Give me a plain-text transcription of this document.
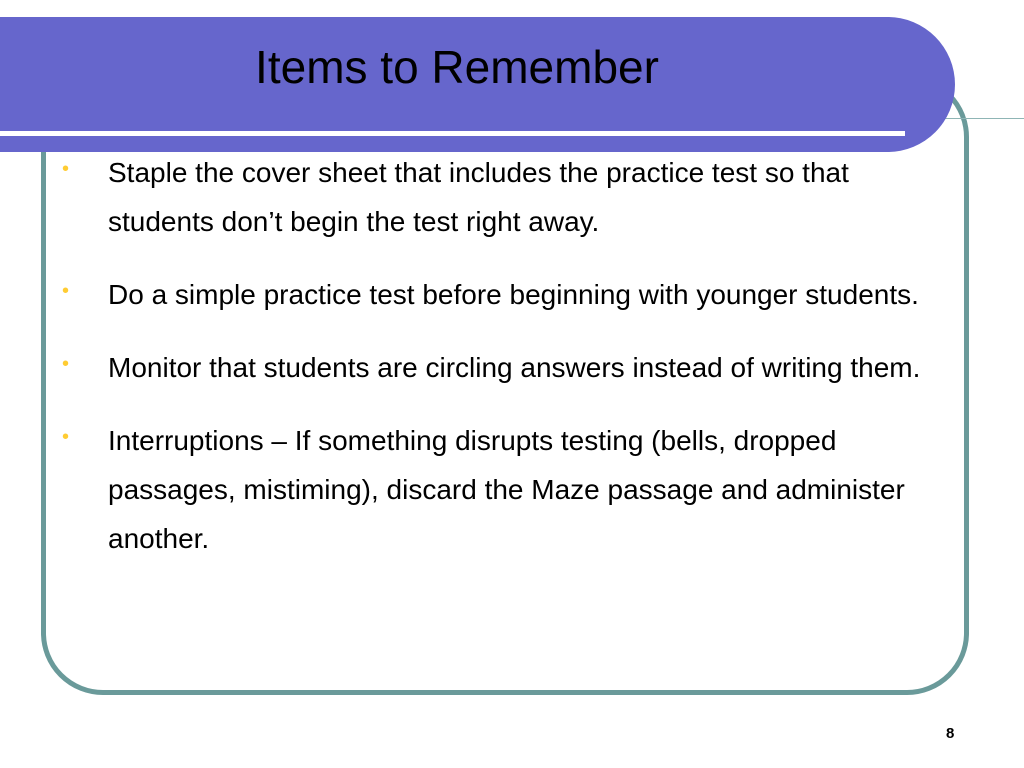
Items to Remember
•	Staple the cover sheet that includes the practice test so that students don’t begin the test right away.
•	Do a simple practice test before beginning with younger students.
•	Monitor that students are circling answers instead of writing them.
•	Interruptions – If something disrupts testing (bells, dropped passages, mistiming), discard the Maze passage and administer another.
8
